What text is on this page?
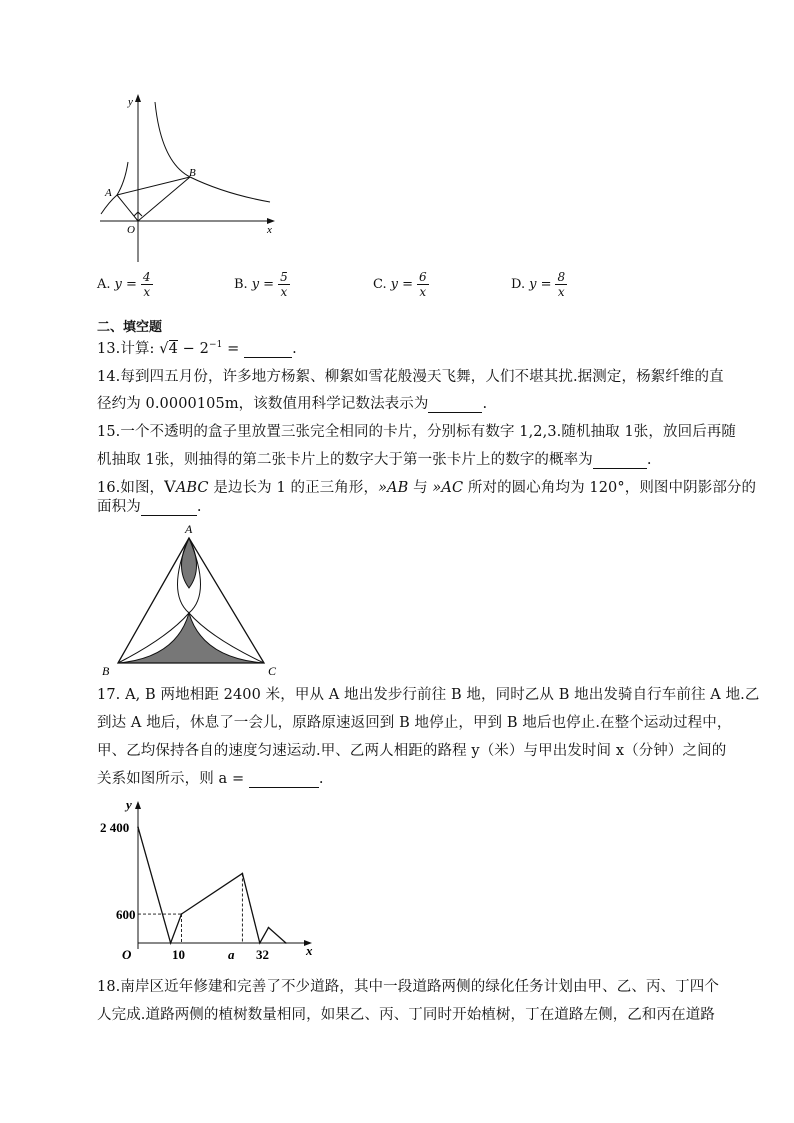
y
x
O
A
B
A. $y = \frac{4}{x}$	B. $y = \frac{5}{x}$	C. $y = \frac{6}{x}$	D. $y = \frac{8}{x}$
二、填空题
13.计算: $√4 - 2^{-1}$ =	.
14.每到四五月份，许多地方杨絮、柳絮如雪花般漫天飞舞，人们不堪其扰.据测定，杨絮纤维的直
径约为 0.0000105m，该数值用科学记数法表示为	.
15.一个不透明的盒子里放置三张完全相同的卡片，分别标有数字 1,2,3.随机抽取 1张，放回后再随
机抽取 1张，则抽得的第二张卡片上的数字大于第一张卡片上的数字的概率为	.
16.如图，VABC 是边长为 1 的正三角形，»AB 与 »AC 所对的圆心角均为 120°，则图中阴影部分的
面积为	.
A
B	C
17. A, B 两地相距 2400 米，甲从 A 地出发步行前往 B 地，同时乙从 B 地出发骑自行车前往 A 地.乙
到达 A 地后，休息了一会儿，原路原速返回到 B 地停止，甲到 B 地后也停止.在整个运动过程中，
甲、乙均保持各自的速度匀速运动.甲、乙两人相距的路程 y（米）与甲出发时间 x（分钟）之间的
关系如图所示，则 a =	.
y
x
O
2 400
600
10	a 32
18.南岸区近年修建和完善了不少道路，其中一段道路两侧的绿化任务计划由甲、乙、丙、丁四个
人完成.道路两侧的植树数量相同，如果乙、丙、丁同时开始植树，丁在道路左侧，乙和丙在道路
